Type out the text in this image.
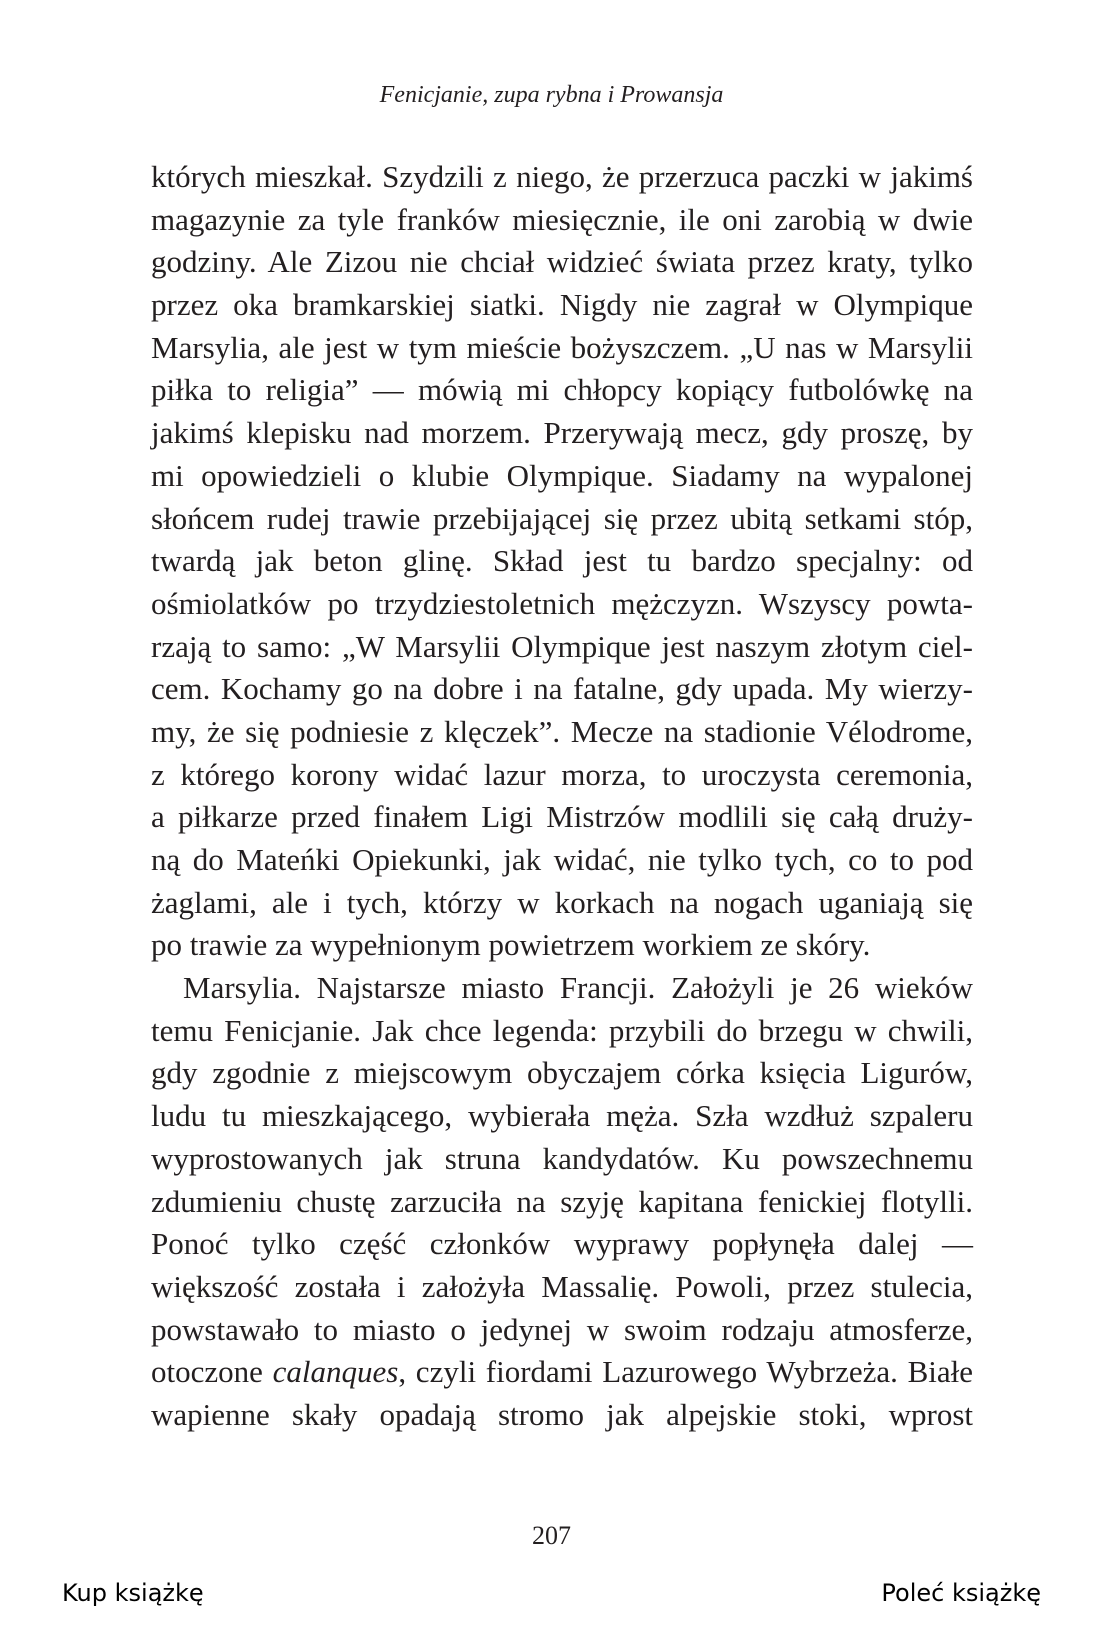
Fenicjanie, zupa rybna i Prowansja
których mieszkał. Szydzili z niego, że przerzuca paczki w jakimś
magazynie za tyle franków miesięcznie, ile oni zarobią w dwie
godziny. Ale Zizou nie chciał widzieć świata przez kraty, tylko
przez oka bramkarskiej siatki. Nigdy nie zagrał w Olympique
Marsylia, ale jest w tym mieście bożyszczem. „U nas w Marsylii
piłka to religia” — mówią mi chłopcy kopiący futbolówkę na
jakimś klepisku nad morzem. Przerywają mecz, gdy proszę, by
mi opowiedzieli o klubie Olympique. Siadamy na wypalonej
słońcem rudej trawie przebijającej się przez ubitą setkami stóp,
twardą jak beton glinę. Skład jest tu bardzo specjalny: od
ośmiolatków po trzydziestoletnich mężczyzn. Wszyscy powta-
rzają to samo: „W Marsylii Olympique jest naszym złotym ciel-
cem. Kochamy go na dobre i na fatalne, gdy upada. My wierzy-
my, że się podniesie z klęczek”. Mecze na stadionie Vélodrome,
z którego korony widać lazur morza, to uroczysta ceremonia,
a piłkarze przed finałem Ligi Mistrzów modlili się całą druży-
ną do Mateńki Opiekunki, jak widać, nie tylko tych, co to pod
żaglami, ale i tych, którzy w korkach na nogach uganiają się
po trawie za wypełnionym powietrzem workiem ze skóry.
Marsylia. Najstarsze miasto Francji. Założyli je 26 wieków
temu Fenicjanie. Jak chce legenda: przybili do brzegu w chwili,
gdy zgodnie z miejscowym obyczajem córka księcia Ligurów,
ludu tu mieszkającego, wybierała męża. Szła wzdłuż szpaleru
wyprostowanych jak struna kandydatów. Ku powszechnemu
zdumieniu chustę zarzuciła na szyję kapitana fenickiej flotylli.
Ponoć tylko część członków wyprawy popłynęła dalej —
większość została i założyła Massalię. Powoli, przez stulecia,
powstawało to miasto o jedynej w swoim rodzaju atmosferze,
otoczone calanques, czyli fiordami Lazurowego Wybrzeża. Białe
wapienne skały opadają stromo jak alpejskie stoki, wprost
207
Kup książkę	Poleć książkę
